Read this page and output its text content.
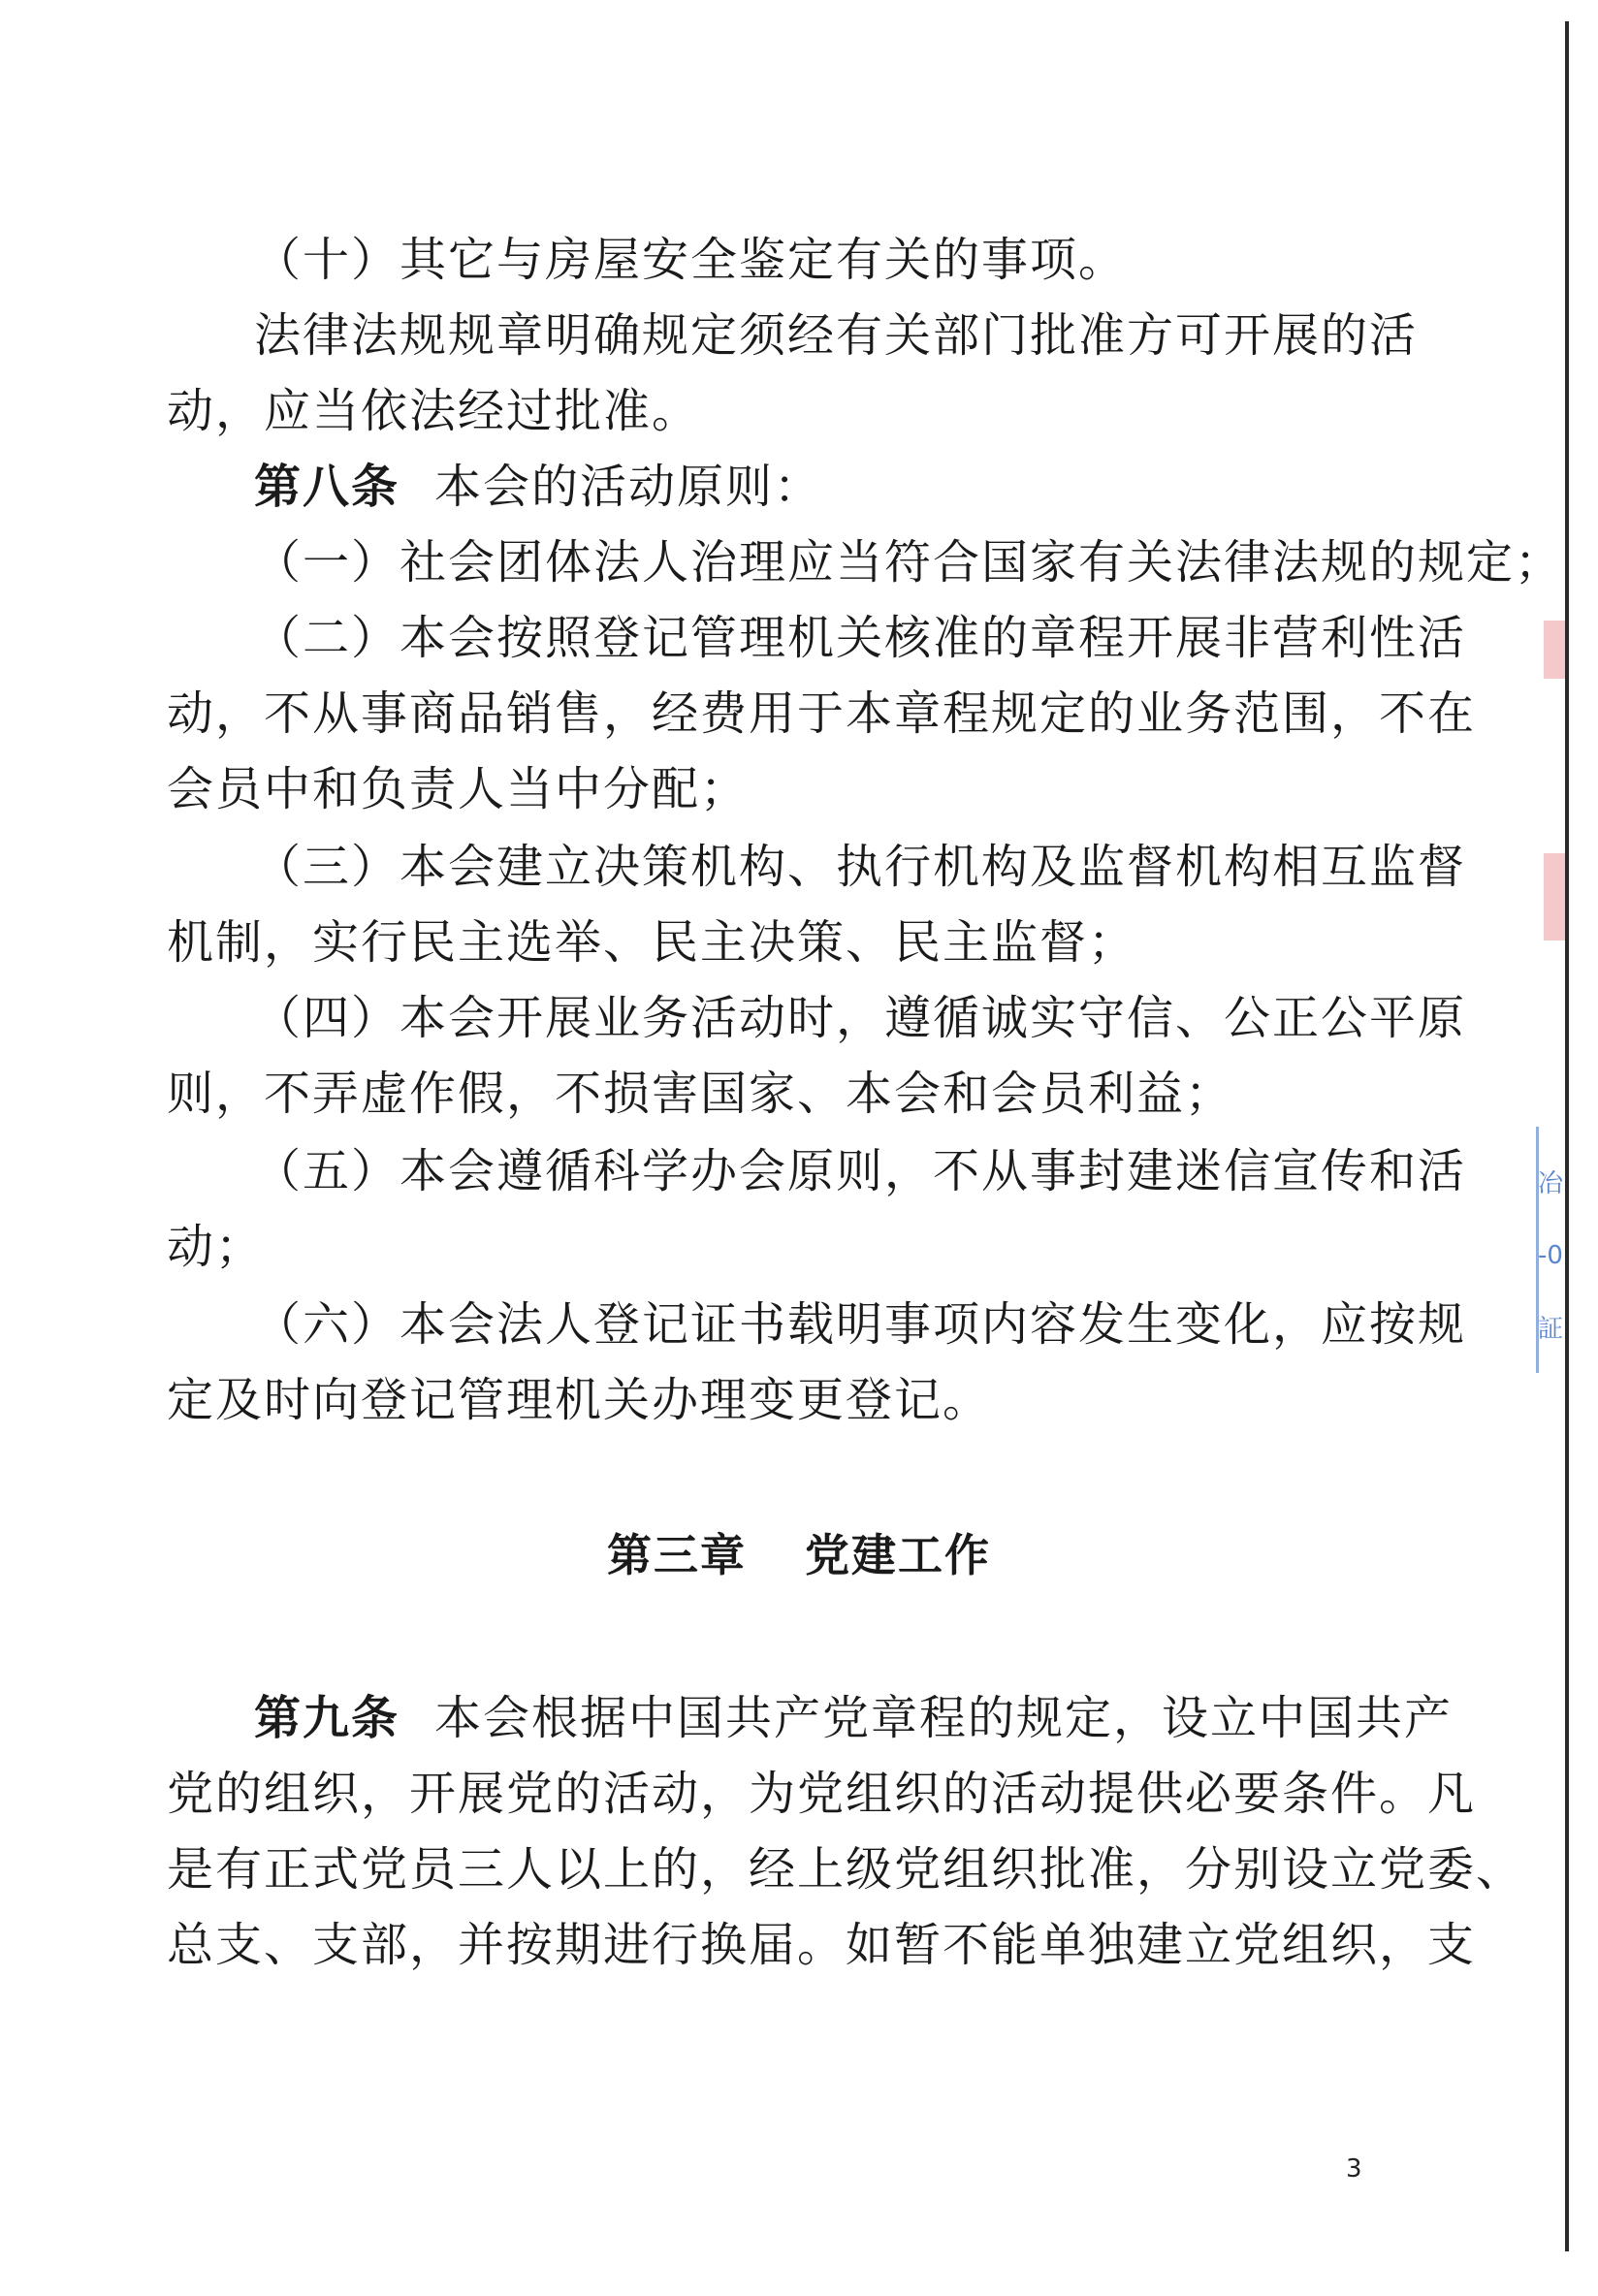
（十）其它与房屋安全鉴定有关的事项。
法律法规规章明确规定须经有关部门批准方可开展的活
动，应当依法经过批准。
第八条 本会的活动原则：
（一）社会团体法人治理应当符合国家有关法律法规的规定；
（二）本会按照登记管理机关核准的章程开展非营利性活
动，不从事商品销售，经费用于本章程规定的业务范围，不在
会员中和负责人当中分配；
（三）本会建立决策机构、执行机构及监督机构相互监督
机制，实行民主选举、民主决策、民主监督；
（四）本会开展业务活动时，遵循诚实守信、公正公平原
则，不弄虚作假，不损害国家、本会和会员利益；
（五）本会遵循科学办会原则，不从事封建迷信宣传和活
动；
（六）本会法人登记证书载明事项内容发生变化，应按规
定及时向登记管理机关办理变更登记。
第三章 党建工作
第九条 本会根据中国共产党章程的规定，设立中国共产
党的组织，开展党的活动，为党组织的活动提供必要条件。凡
是有正式党员三人以上的，经上级党组织批准，分别设立党委、
总支、支部，并按期进行换届。如暂不能单独建立党组织，支
3
冶
-0
証
